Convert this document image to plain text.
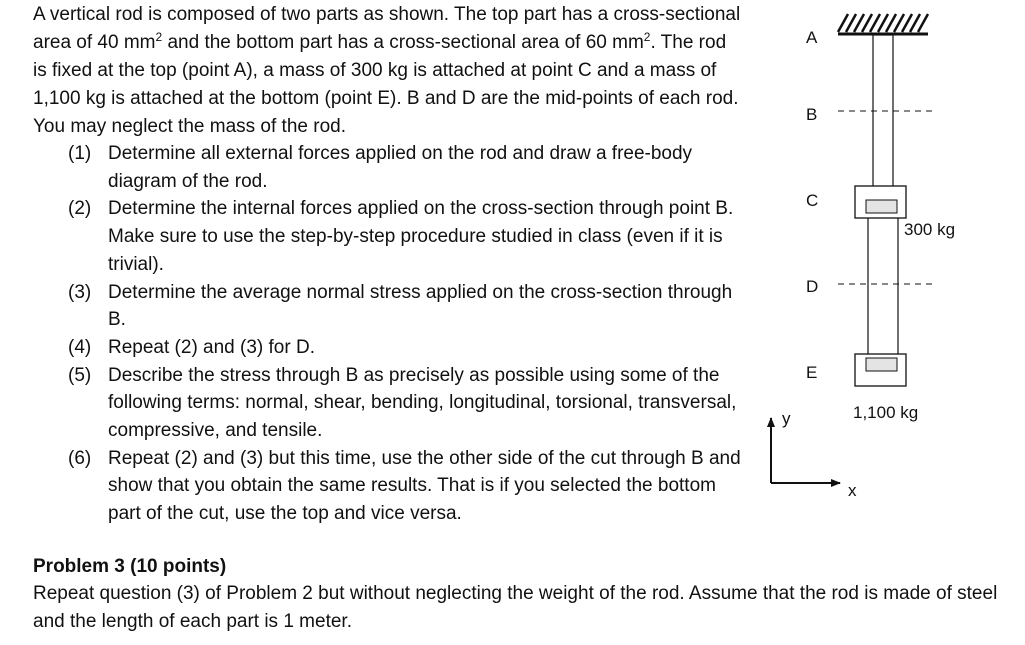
A vertical rod is composed of two parts as shown. The top part has a cross-sectional area of 40 $mm^2$ and the bottom part has a cross-sectional area of 60 $mm^2$. The rod is fixed at the top (point A), a mass of 300 kg is attached at point C and a mass of 1,100 kg is attached at the bottom (point E). B and D are the mid-points of each rod. You may neglect the mass of the rod.
(1) Determine all external forces applied on the rod and draw a free-body diagram of the rod.
(2) Determine the internal forces applied on the cross-section through point B. Make sure to use the step-by-step procedure studied in class (even if it is trivial).
(3) Determine the average normal stress applied on the cross-section through B.
(4) Repeat (2) and (3) for D.
(5) Describe the stress through B as precisely as possible using some of the following terms: normal, shear, bending, longitudinal, torsional, transversal, compressive, and tensile.
(6) Repeat (2) and (3) but this time, use the other side of the cut through B and show that you obtain the same results. That is if you selected the bottom part of the cut, use the top and vice versa.
Problem 3 (10 points)
Repeat question (3) of Problem 2 but without neglecting the weight of the rod. Assume that the rod is made of steel and the length of each part is 1 meter.
A
B
C
D
E
300 kg
1,100 kg
y
x
